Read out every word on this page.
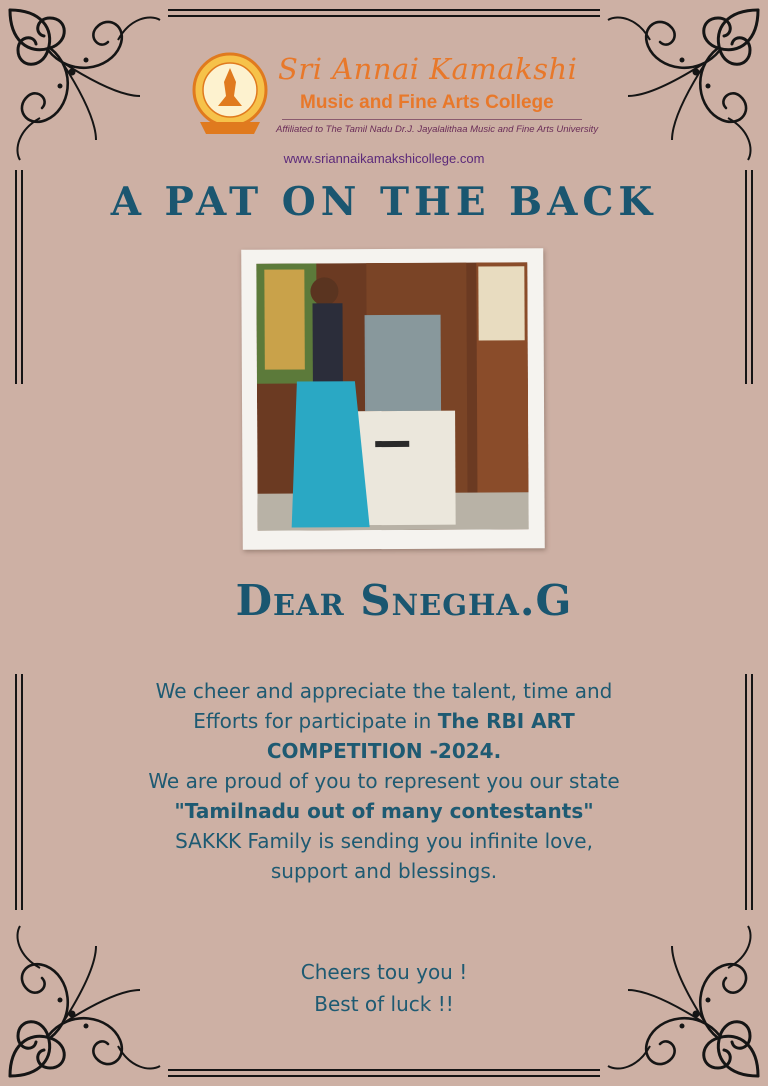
Sri Annai Kamakshi
Music and Fine Arts College
Affiliated to The Tamil Nadu Dr.J. Jayalalithaa Music and Fine Arts University
www.sriannaikamakshicollege.com
A PAT ON THE BACK
Dear Snegha.G
We cheer and appreciate the talent, time and
Efforts for participate in The RBI ART
COMPETITION -2024.
We are proud of you to represent you our state
"Tamilnadu out of many contestants"
SAKKK Family is sending you infinite love,
support and blessings.
Cheers tou you !
Best of luck !!
